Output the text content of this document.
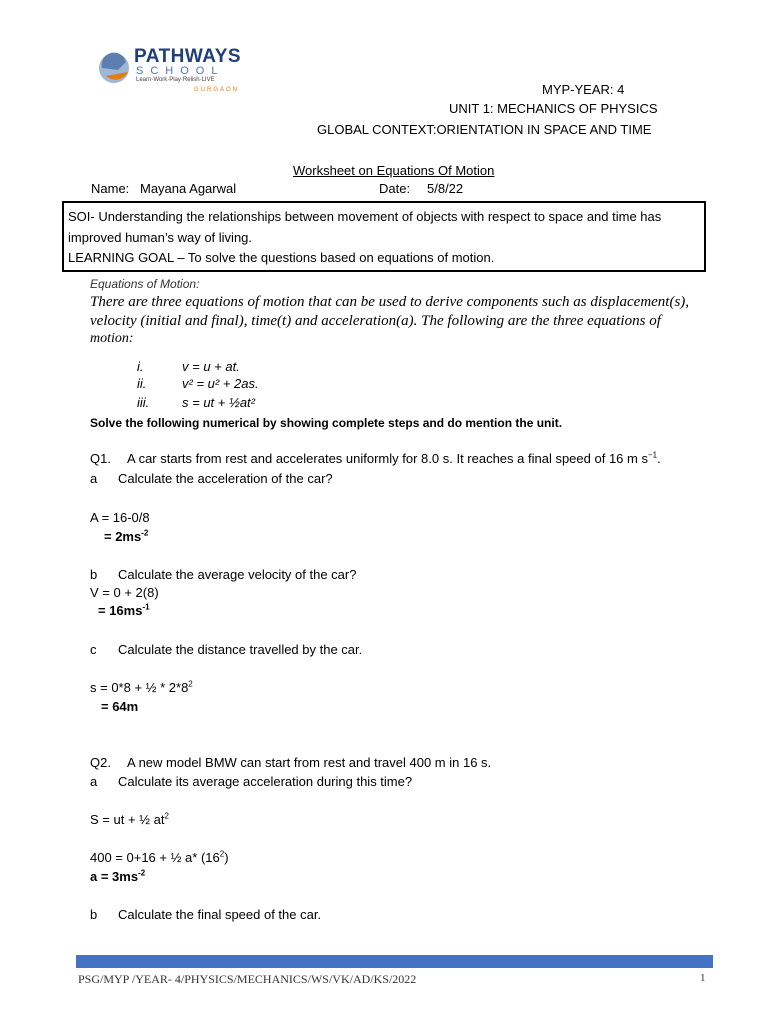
PATHWAYS
SCHOOL
Learn·Work·Play·Relish·LIVE
GURGAON	MYP-YEAR: 4
UNIT 1: MECHANICS OF PHYSICS
GLOBAL CONTEXT:ORIENTATION IN SPACE AND TIME
Worksheet on Equations Of Motion
Name: Mayana Agarwal	Date: 5/8/22
SOI- Understanding the relationships between movement of objects with respect to space and time has
improved human’s way of living.
LEARNING GOAL – To solve the questions based on equations of motion.
Equations of Motion:
There are three equations of motion that can be used to derive components such as displacement(s),
velocity (initial and final), time(t) and acceleration(a). The following are the three equations of
motion:
i.	v = u + at.
ii.	v² = u² + 2as.
iii.	s = ut + ½at²
Solve the following numerical by showing complete steps and do mention the unit.
Q1. A car starts from rest and accelerates uniformly for 8.0 s. It reaches a final speed of 16 m $s^{-1}$.
a Calculate the acceleration of the car?
A = 16-0/8
= $2ms^{-2}$
b Calculate the average velocity of the car?
V = 0 + 2(8)
= $16ms^{-1}$
c Calculate the distance travelled by the car.
s = 0*8 + ½ * $2*8^2$
= 64m
Q2. A new model BMW can start from rest and travel 400 m in 16 s.
a Calculate its average acceleration during this time?
S = ut + ½ $at^2$
400 = 0+16 + ½ a* $(16^2)$
$a = 3ms^{-2}$
b Calculate the final speed of the car.
PSG/MYP /YEAR- 4/PHYSICS/MECHANICS/WS/VK/AD/KS/2022	1
